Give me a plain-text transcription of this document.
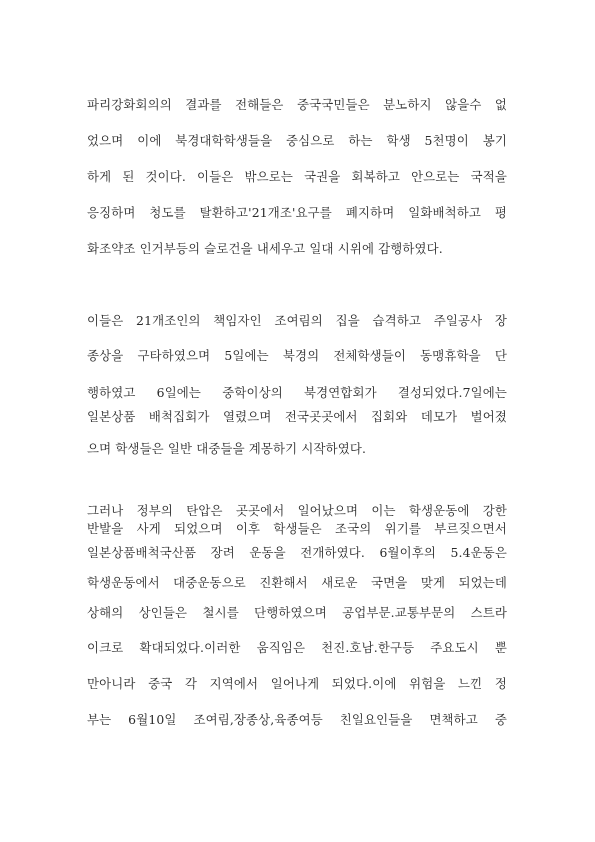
파리강화회의의 결과를 전해들은 중국국민들은 분노하지 않을수 없
었으며 이에 북경대학학생들을 중심으로 하는 학생 5천명이 봉기
하게 된 것이다. 이들은 밖으로는 국권을 회복하고 안으로는 국적을
응징하며 청도를 탈환하고'21개조'요구를 폐지하며 일화배척하고 평
화조약조 인거부등의 슬로건을 내세우고 일대 시위에 감행하였다.
이들은 21개조인의 책임자인 조여림의 집을 습격하고 주일공사 장
종상을 구타하였으며 5일에는 북경의 전체학생들이 동맹휴학을 단
행하였고 6일에는 중학이상의 북경연합회가 결성되었다.7일에는
일본상품 배척집회가 열렸으며 전국곳곳에서 집회와 데모가 벌어졌
으며 학생들은 일반 대중들을 계몽하기 시작하였다.
그러나 정부의 탄압은 곳곳에서 일어났으며 이는 학생운동에 강한
반발을 사게 되었으며 이후 학생들은 조국의 위기를 부르짖으면서
일본상품배척국산품 장려 운동을 전개하였다. 6월이후의 5.4운동은
학생운동에서 대중운동으로 진환해서 새로운 국면을 맞게 되었는데
상해의 상인들은 철시를 단행하였으며 공업부문.교통부문의 스트라
이크로 확대되었다.이러한 움직임은 천진.호남.한구등 주요도시 뿐
만아니라 중국 각 지역에서 일어나게 되었다.이에 위험을 느낀 정
부는 6월10일 조여림,장종상,육종여등 친일요인들을 면책하고 중
